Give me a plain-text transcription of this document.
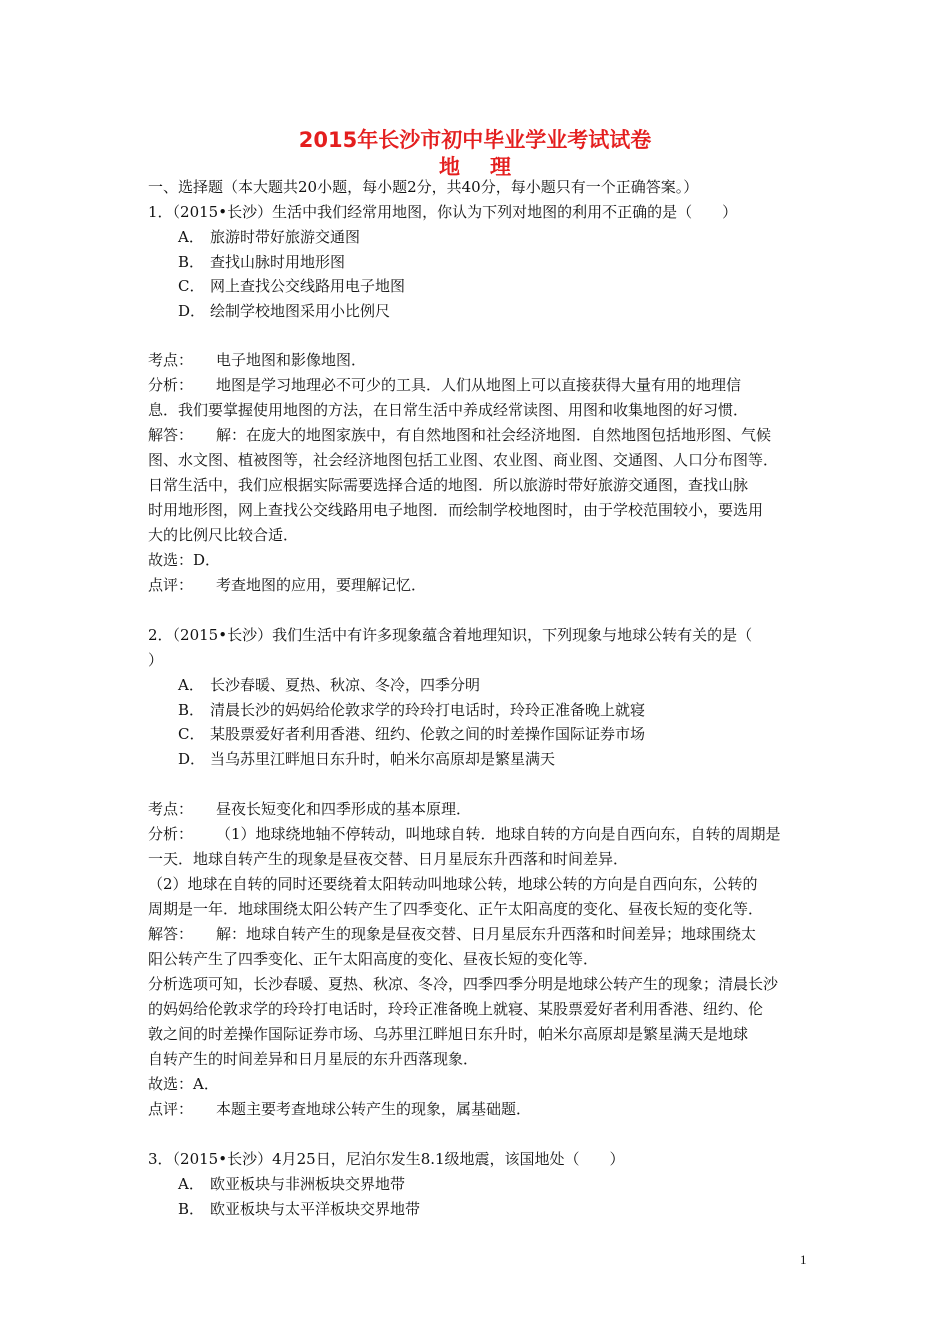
2015年长沙市初中毕业学业考试试卷
地理
一、选择题（本大题共20小题，每小题2分，共40分，每小题只有一个正确答案。）
1．（2015•长沙）生活中我们经常用地图，你认为下列对地图的利用不正确的是（　　）
A． 旅游时带好旅游交通图
B． 查找山脉时用地形图
C． 网上查找公交线路用电子地图
D． 绘制学校地图采用小比例尺
考点： 电子地图和影像地图．
分析： 地图是学习地理必不可少的工具．人们从地图上可以直接获得大量有用的地理信
息．我们要掌握使用地图的方法，在日常生活中养成经常读图、用图和收集地图的好习惯．
解答： 解：在庞大的地图家族中，有自然地图和社会经济地图．自然地图包括地形图、气候
图、水文图、植被图等，社会经济地图包括工业图、农业图、商业图、交通图、人口分布图等．
日常生活中，我们应根据实际需要选择合适的地图．所以旅游时带好旅游交通图，查找山脉
时用地形图，网上查找公交线路用电子地图．而绘制学校地图时，由于学校范围较小，要选用
大的比例尺比较合适．
故选：D．
点评： 考查地图的应用，要理解记忆．
2．（2015•长沙）我们生活中有许多现象蕴含着地理知识，下列现象与地球公转有关的是（
）
A． 长沙春暖、夏热、秋凉、冬冷，四季分明
B． 清晨长沙的妈妈给伦敦求学的玲玲打电话时，玲玲正准备晚上就寝
C． 某股票爱好者利用香港、纽约、伦敦之间的时差操作国际证券市场
D． 当乌苏里江畔旭日东升时，帕米尔高原却是繁星满天
考点： 昼夜长短变化和四季形成的基本原理．
分析： （1）地球绕地轴不停转动，叫地球自转．地球自转的方向是自西向东，自转的周期是
一天．地球自转产生的现象是昼夜交替、日月星辰东升西落和时间差异．
（2）地球在自转的同时还要绕着太阳转动叫地球公转，地球公转的方向是自西向东，公转的
周期是一年．地球围绕太阳公转产生了四季变化、正午太阳高度的变化、昼夜长短的变化等．
解答： 解：地球自转产生的现象是昼夜交替、日月星辰东升西落和时间差异；地球围绕太
阳公转产生了四季变化、正午太阳高度的变化、昼夜长短的变化等．
分析选项可知，长沙春暖、夏热、秋凉、冬冷，四季四季分明是地球公转产生的现象；清晨长沙
的妈妈给伦敦求学的玲玲打电话时，玲玲正准备晚上就寝、某股票爱好者利用香港、纽约、伦
敦之间的时差操作国际证券市场、乌苏里江畔旭日东升时，帕米尔高原却是繁星满天是地球
自转产生的时间差异和日月星辰的东升西落现象．
故选：A．
点评： 本题主要考查地球公转产生的现象，属基础题．
3．（2015•长沙）4月25日，尼泊尔发生8.1级地震，该国地处（　　）
A． 欧亚板块与非洲板块交界地带
B． 欧亚板块与太平洋板块交界地带
1
